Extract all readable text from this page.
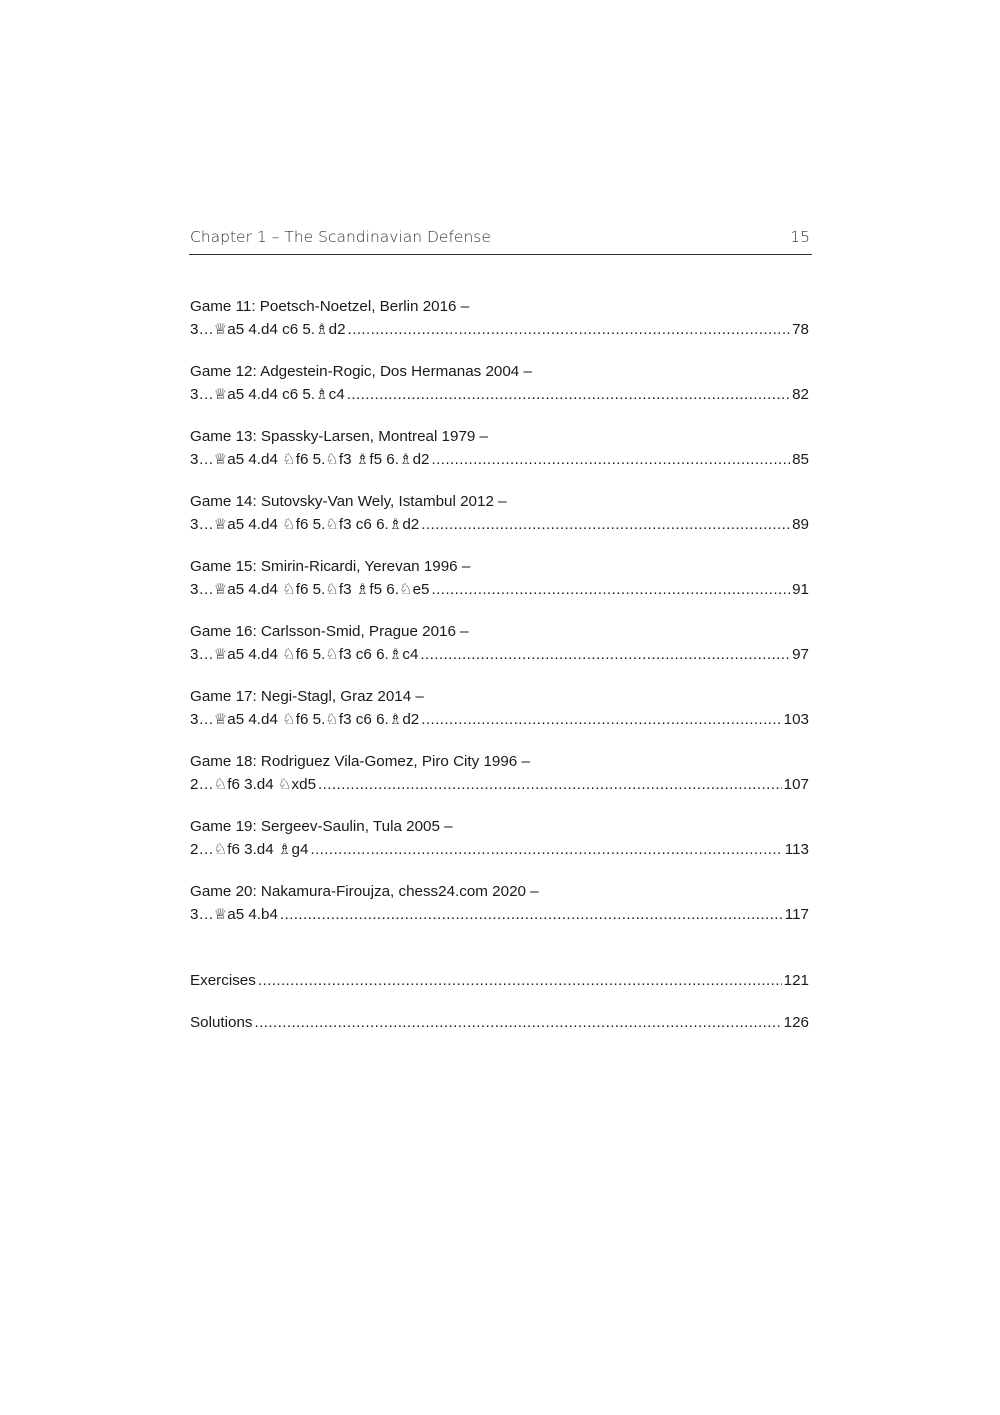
Chapter 1 – The Scandinavian Defense	15
Game 11: Poetsch-Noetzel, Berlin 2016 –
3…♕a5 4.d4 c6 5.♗d2 .....	78
Game 12: Adgestein-Rogic, Dos Hermanas 2004 –
3…♕a5 4.d4 c6 5.♗c4 .....	82
Game 13: Spassky-Larsen, Montreal 1979 –
3…♕a5 4.d4 ♘f6 5.♘f3 ♗f5 6.♗d2 .....	85
Game 14: Sutovsky-Van Wely, Istambul 2012 –
3…♕a5 4.d4 ♘f6 5.♘f3 c6 6.♗d2 .....	89
Game 15: Smirin-Ricardi, Yerevan 1996 –
3…♕a5 4.d4 ♘f6 5.♘f3 ♗f5 6.♘e5 .....	91
Game 16: Carlsson-Smid, Prague 2016 –
3…♕a5 4.d4 ♘f6 5.♘f3 c6 6.♗c4 .....	97
Game 17: Negi-Stagl, Graz 2014 –
3…♕a5 4.d4 ♘f6 5.♘f3 c6 6.♗d2 .....	103
Game 18: Rodriguez Vila-Gomez, Piro City 1996 –
2…♘f6 3.d4 ♘xd5 .....	107
Game 19: Sergeev-Saulin, Tula 2005 –
2…♘f6 3.d4 ♗g4 .....	113
Game 20: Nakamura-Firoujza, chess24.com 2020 –
3…♕a5 4.b4 .....	117
Exercises .....	121
Solutions .....	126
